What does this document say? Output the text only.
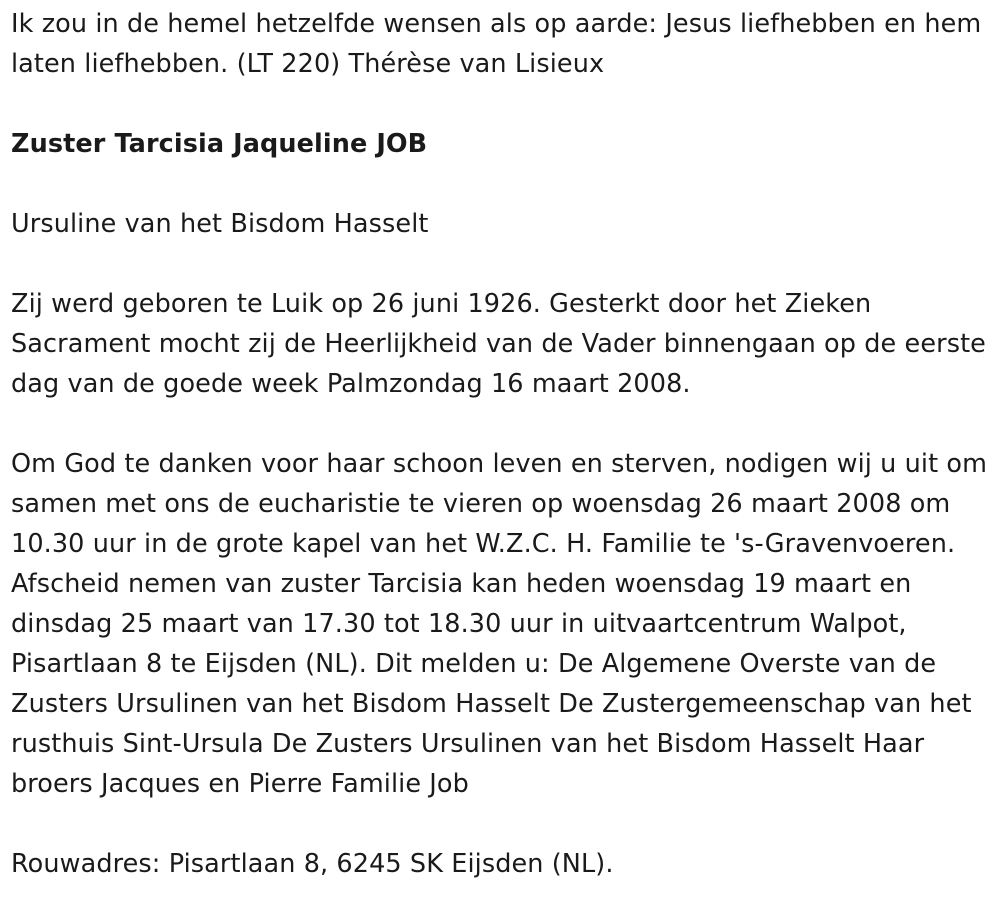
Ik zou in de hemel hetzelfde wensen als op aarde: Jesus liefhebben en hem laten liefhebben. (LT 220) Thérèse van Lisieux

Zuster Tarcisia Jaqueline JOB

Ursuline van het Bisdom Hasselt

Zij werd geboren te Luik op 26 juni 1926. Gesterkt door het Zieken Sacrament mocht zij de Heerlijkheid van de Vader binnengaan op de eerste dag van de goede week Palmzondag 16 maart 2008.

Om God te danken voor haar schoon leven en sterven, nodigen wij u uit om samen met ons de eucharistie te vieren op woensdag 26 maart 2008 om 10.30 uur in de grote kapel van het W.Z.C. H. Familie te 's-Gravenvoeren. Afscheid nemen van zuster Tarcisia kan heden woensdag 19 maart en dinsdag 25 maart van 17.30 tot 18.30 uur in uitvaartcentrum Walpot, Pisartlaan 8 te Eijsden (NL). Dit melden u: De Algemene Overste van de Zusters Ursulinen van het Bisdom Hasselt De Zustergemeenschap van het rusthuis Sint-Ursula De Zusters Ursulinen van het Bisdom Hasselt Haar broers Jacques en Pierre Familie Job

Rouwadres: Pisartlaan 8, 6245 SK Eijsden (NL).
